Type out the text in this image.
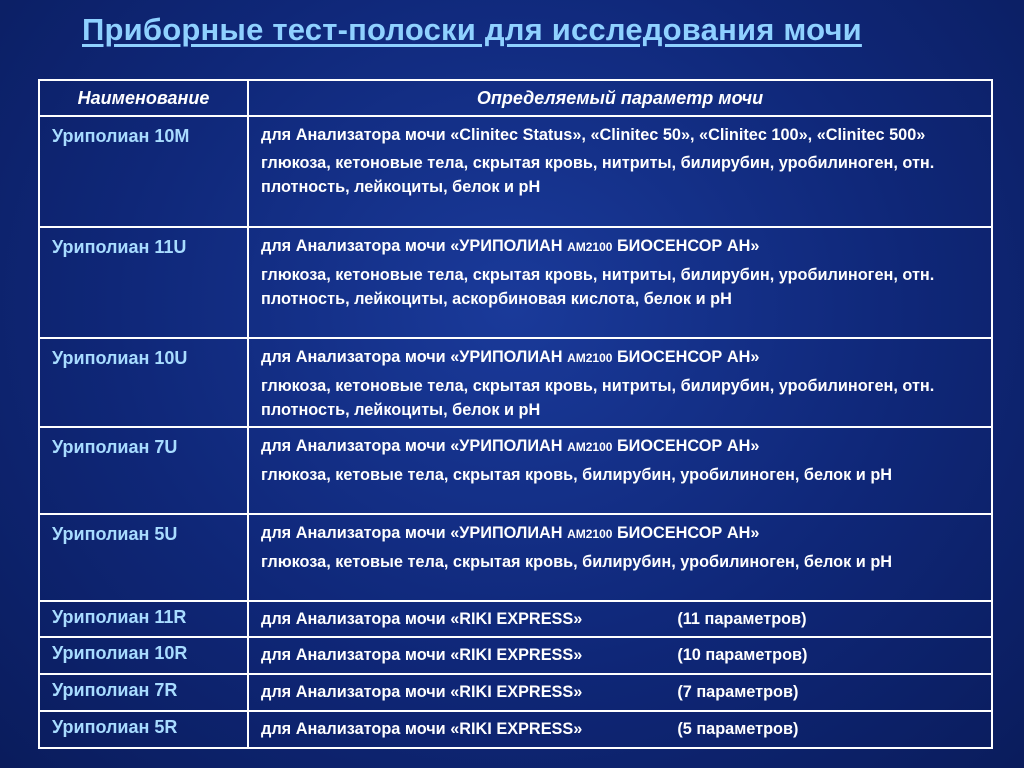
Приборные тест-полоски для исследования мочи
Наименование	Определяемый параметр мочи
Уриполиан 10М	для Анализатора мочи «Clinitec Status», «Clinitec 50», «Clinitec 100», «Clinitec 500»
глюкоза, кетоновые тела, скрытая кровь, нитриты, билирубин, уробилиноген, отн. плотность, лейкоциты, белок и рН

Уриполиан 11U	для Анализатора мочи «УРИПОЛИАН АМ2100 БИОСЕНСОР АН»
глюкоза, кетоновые тела, скрытая кровь, нитриты, билирубин, уробилиноген, отн. плотность, лейкоциты, аскорбиновая кислота, белок и рН

Уриполиан 10U	для Анализатора мочи «УРИПОЛИАН АМ2100 БИОСЕНСОР АН»
глюкоза, кетоновые тела, скрытая кровь, нитриты, билирубин, уробилиноген, отн. плотность, лейкоциты, белок и рН

Уриполиан 7U	для Анализатора мочи «УРИПОЛИАН АМ2100 БИОСЕНСОР АН»
глюкоза, кетовые тела, скрытая кровь, билирубин, уробилиноген, белок и рН

Уриполиан 5U	для Анализатора мочи «УРИПОЛИАН АМ2100 БИОСЕНСОР АН»
глюкоза, кетовые тела, скрытая кровь, билирубин, уробилиноген, белок и рН

Уриполиан 11R	для Анализатора мочи «RIKI EXPRESS» (11 параметров)
Уриполиан 10R	для Анализатора мочи «RIKI EXPRESS» (10 параметров)
Уриполиан 7R	для Анализатора мочи «RIKI EXPRESS» (7 параметров)
Уриполиан 5R	для Анализатора мочи «RIKI EXPRESS» (5 параметров)
